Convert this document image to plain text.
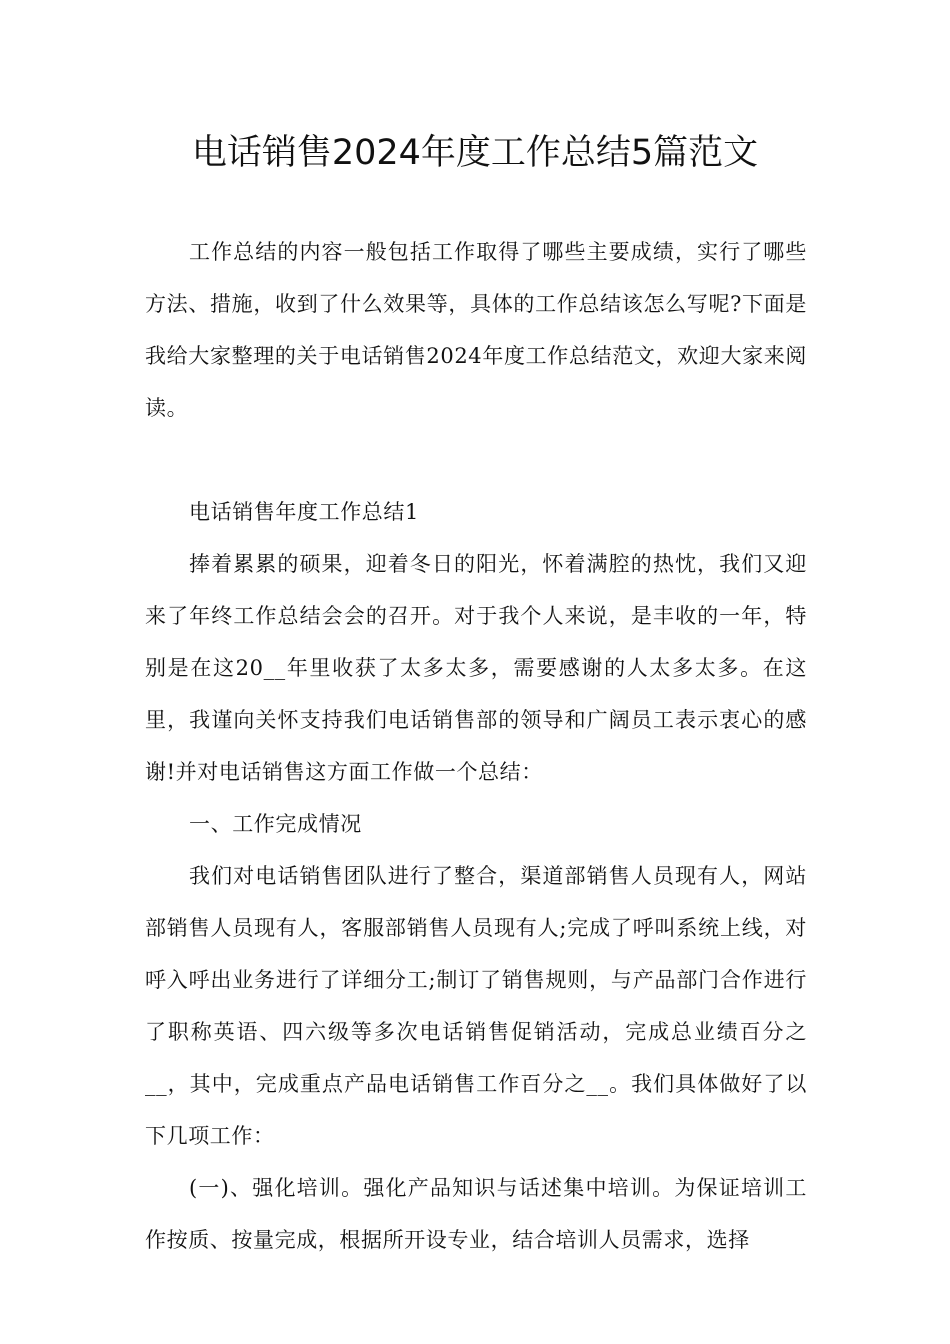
电话销售2024年度工作总结5篇范文

工作总结的内容一般包括工作取得了哪些主要成绩，实行了哪些方法、措施，收到了什么效果等，具体的工作总结该怎么写呢?下面是我给大家整理的关于电话销售2024年度工作总结范文，欢迎大家来阅读。

电话销售年度工作总结1

捧着累累的硕果，迎着冬日的阳光，怀着满腔的热忱，我们又迎来了年终工作总结会会的召开。对于我个人来说，是丰收的一年，特别是在这20__年里收获了太多太多，需要感谢的人太多太多。在这里，我谨向关怀支持我们电话销售部的领导和广阔员工表示衷心的感谢!并对电话销售这方面工作做一个总结：

一、工作完成情况

我们对电话销售团队进行了整合，渠道部销售人员现有人，网站部销售人员现有人，客服部销售人员现有人;完成了呼叫系统上线，对呼入呼出业务进行了详细分工;制订了销售规则，与产品部门合作进行了职称英语、四六级等多次电话销售促销活动，完成总业绩百分之__，其中，完成重点产品电话销售工作百分之__。我们具体做好了以下几项工作：

(一)、强化培训。强化产品知识与话述集中培训。为保证培训工作按质、按量完成，根据所开设专业，结合培训人员需求，选择
